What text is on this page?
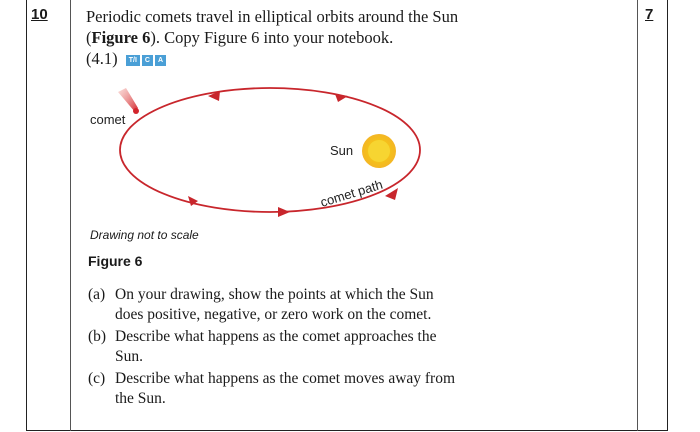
10	7
Periodic comets travel in elliptical orbits around the Sun (Figure 6). Copy Figure 6 into your notebook.
(4.1)	T/I	C	A
comet
Sun
comet path
Drawing not to scale
Figure 6
(a) On your drawing, show the points at which the Sun does positive, negative, or zero work on the comet.
(b) Describe what happens as the comet approaches the Sun.
(c) Describe what happens as the comet moves away from the Sun.
